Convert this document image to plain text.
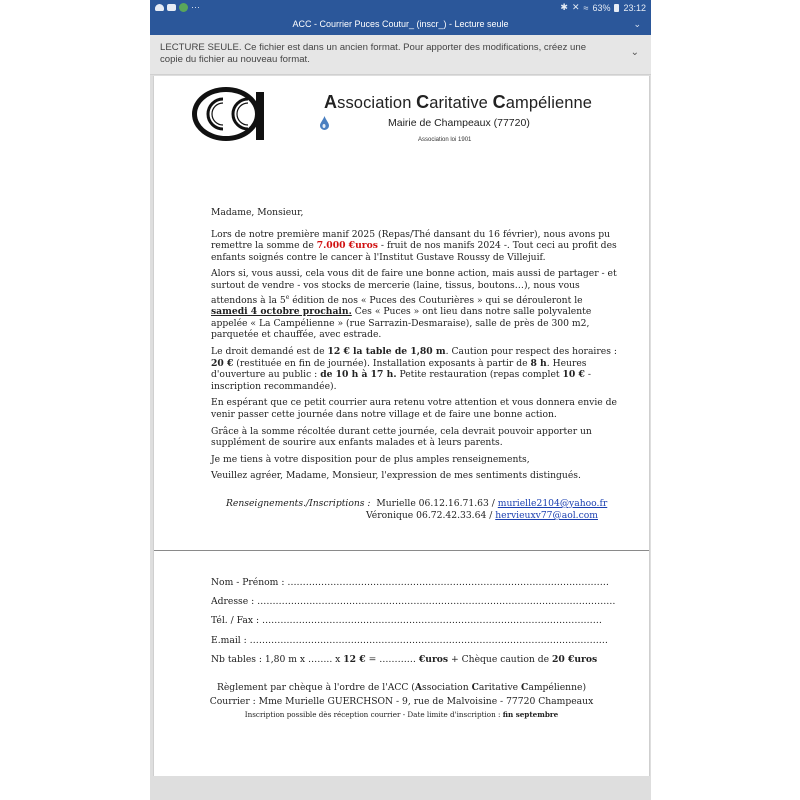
···	✱ ✕ ≈ 63% 23:12
ACC - Courrier Puces Coutur_ (inscr_) - Lecture seule	⌄
LECTURE SEULE. Ce fichier est dans un ancien format. Pour apporter des modifications, créez une copie du fichier au nouveau format.
⌄
Association Caritative Campélienne
Mairie de Champeaux (77720)
Association loi 1901

Madame, Monsieur,

Lors de notre première manif 2025 (Repas/Thé dansant du 16 février), nous avons pu remettre la somme de 7.000 €uros - fruit de nos manifs 2024 -. Tout ceci au profit des enfants soignés contre le cancer à l'Institut Gustave Roussy de Villejuif.

Alors si, vous aussi, cela vous dit de faire une bonne action, mais aussi de partager - et surtout de vendre - vos stocks de mercerie (laine, tissus, boutons…), nous vous attendons à la 5e édition de nos « Puces des Couturières » qui se dérouleront le samedi 4 octobre prochain. Ces « Puces » ont lieu dans notre salle polyvalente appelée « La Campélienne » (rue Sarrazin-Desmaraise), salle de près de 300 m2, parquetée et chauffée, avec estrade.

Le droit demandé est de 12 € la table de 1,80 m. Caution pour respect des horaires : 20 € (restituée en fin de journée). Installation exposants à partir de 8 h. Heures d'ouverture au public : de 10 h à 17 h. Petite restauration (repas complet 10 € - inscription recommandée).

En espérant que ce petit courrier aura retenu votre attention et vous donnera envie de venir passer cette journée dans notre village et de faire une bonne action.

Grâce à la somme récoltée durant cette journée, cela devrait pouvoir apporter un supplément de sourire aux enfants malades et à leurs parents.

Je me tiens à votre disposition pour de plus amples renseignements,

Veuillez agréer, Madame, Monsieur, l'expression de mes sentiments distingués.

Renseignements./Inscriptions : Murielle 06.12.16.71.63 / murielle2104@yahoo.fr
Véronique 06.72.42.33.64 / hervieuxv77@aol.com
Nom - Prénom : ……………………………………………………………………………………………
Adresse : ………………………………………………………………………………………………………
Tél. / Fax : …………………………………………………………………………………………………
E.mail : ………………………………………………………………………………………………………
Nb tables : 1,80 m x …….. x 12 € = ………… €uros + Chèque caution de 20 €uros
Règlement par chèque à l'ordre de l'ACC (Association Caritative Campélienne)
Courrier : Mme Murielle GUERCHSON - 9, rue de Malvoisine - 77720 Champeaux
Inscription possible dès réception courrier - Date limite d'inscription : fin septembre
